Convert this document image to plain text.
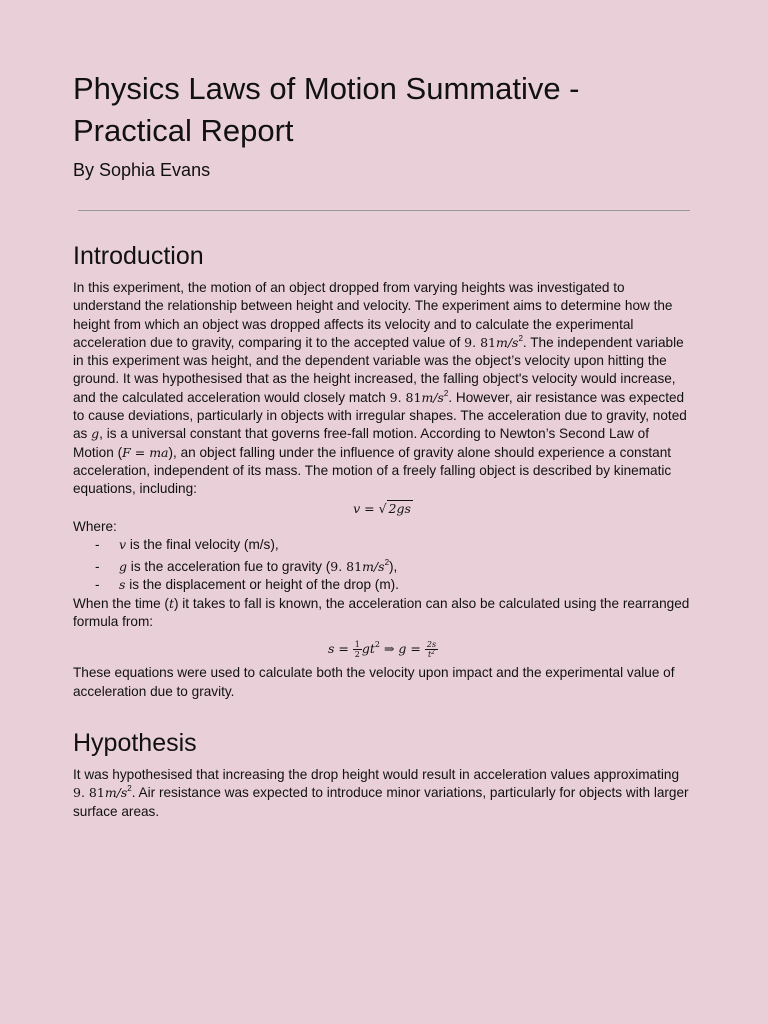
Physics Laws of Motion Summative - Practical Report
By Sophia Evans
Introduction

In this experiment, the motion of an object dropped from varying heights was investigated to understand the relationship between height and velocity. The experiment aims to determine how the height from which an object was dropped affects its velocity and to calculate the experimental acceleration due to gravity, comparing it to the accepted value of 9. $81m/s^2$. The independent variable in this experiment was height, and the dependent variable was the object’s velocity upon hitting the ground. It was hypothesised that as the height increased, the falling object's velocity would increase, and the calculated acceleration would closely match 9. $81m/s^2$. However, air resistance was expected to cause deviations, particularly in objects with irregular shapes. The acceleration due to gravity, noted as g, is a universal constant that governs free-fall motion. According to Newton’s Second Law of Motion (F = ma), an object falling under the influence of gravity alone should experience a constant acceleration, independent of its mass. The motion of a freely falling object is described by kinematic equations, including:

v = √ 2gs

Where:

- v is the final velocity (m/s),
- g is the acceleration fue to gravity (9. $81m/s^2$),
- s is the displacement or height of the drop (m).

When the time (t) it takes to fall is known, the acceleration can also be calculated using the rearranged formula from:

$s = \frac{1}{2} gt^2$ ⇒ $g = \frac{2s}{t^2}$

These equations were used to calculate both the velocity upon impact and the experimental value of acceleration due to gravity.

Hypothesis

It was hypothesised that increasing the drop height would result in acceleration values approximating 9. $81m/s^2$. Air resistance was expected to introduce minor variations, particularly for objects with larger surface areas.
